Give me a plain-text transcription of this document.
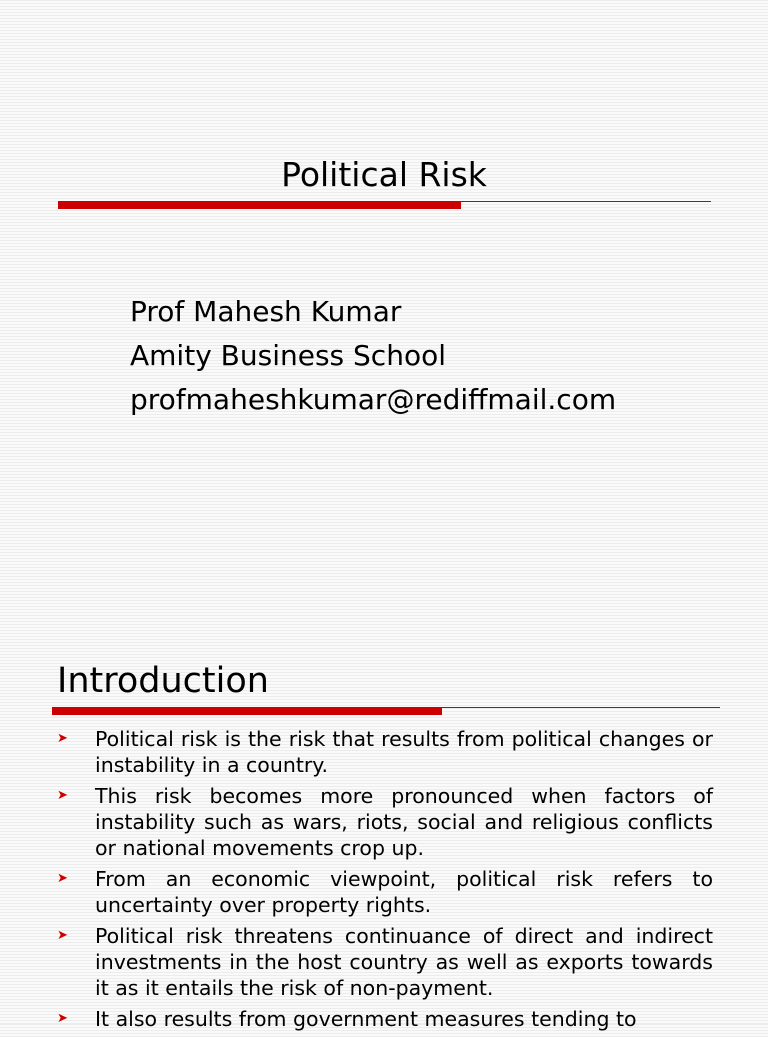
Political Risk
Prof Mahesh Kumar
Amity Business School
profmaheshkumar@rediffmail.com
Introduction
➤ Political risk is the risk that results from political changes or instability in a country.
➤ This risk becomes more pronounced when factors of instability such as wars, riots, social and religious conflicts or national movements crop up.
➤ From an economic viewpoint, political risk refers to uncertainty over property rights.
➤ Political risk threatens continuance of direct and indirect investments in the host country as well as exports towards it as it entails the risk of non-payment.
➤ It also results from government measures tending to
